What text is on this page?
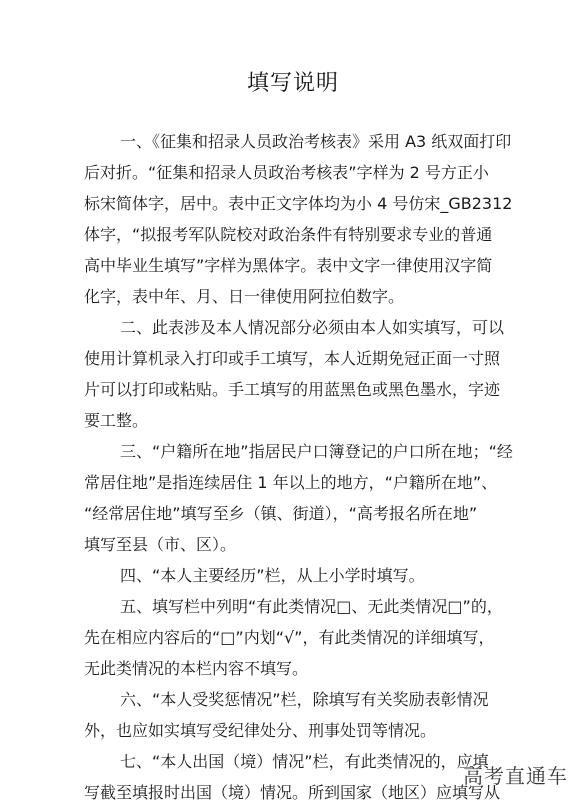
填写说明
一、《征集和招录人员政治考核表》采用 A3 纸双面打印
后对折。“征集和招录人员政治考核表”字样为 2 号方正小
标宋简体字，居中。表中正文字体均为小 4 号仿宋_GB2312
体字，“拟报考军队院校对政治条件有特别要求专业的普通
高中毕业生填写”字样为黑体字。表中文字一律使用汉字简
化字，表中年、月、日一律使用阿拉伯数字。
二、此表涉及本人情况部分必须由本人如实填写，可以
使用计算机录入打印或手工填写，本人近期免冠正面一寸照
片可以打印或粘贴。手工填写的用蓝黑色或黑色墨水，字迹
要工整。
三、“户籍所在地”指居民户口簿登记的户口所在地；“经
常居住地”是指连续居住 1 年以上的地方，“户籍所在地”、
“经常居住地”填写至乡（镇、街道），“高考报名所在地”
填写至县（市、区）。
四、“本人主要经历”栏，从上小学时填写。
五、填写栏中列明“有此类情况□、无此类情况□”的，
先在相应内容后的“□”内划“√”，有此类情况的详细填写，
无此类情况的本栏内容不填写。
六、“本人受奖惩情况”栏，除填写有关奖励表彰情况
外，也应如实填写受纪律处分、刑事处罚等情况。
七、“本人出国（境）情况”栏，有此类情况的，应填
写截至填报时出国（境）情况。所到国家（地区）应填写从
高考直通车
